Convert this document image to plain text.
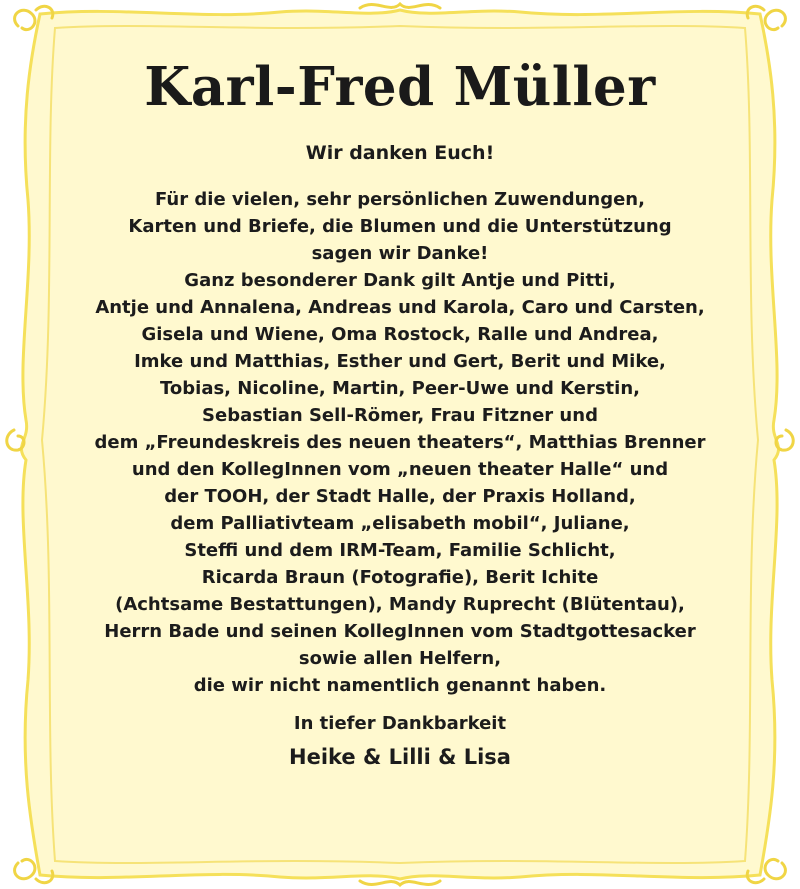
Karl-Fred Müller
Wir danken Euch!
Für die vielen, sehr persönlichen Zuwendungen,
Karten und Briefe, die Blumen und die Unterstützung
sagen wir Danke!
Ganz besonderer Dank gilt Antje und Pitti,
Antje und Annalena, Andreas und Karola, Caro und Carsten,
Gisela und Wiene, Oma Rostock, Ralle und Andrea,
Imke und Matthias, Esther und Gert, Berit und Mike,
Tobias, Nicoline, Martin, Peer-Uwe und Kerstin,
Sebastian Sell-Römer, Frau Fitzner und
dem „Freundeskreis des neuen theaters“, Matthias Brenner
und den KollegInnen vom „neuen theater Halle“ und
der TOOH, der Stadt Halle, der Praxis Holland,
dem Palliativteam „elisabeth mobil“, Juliane,
Steffi und dem IRM-Team, Familie Schlicht,
Ricarda Braun (Fotografie), Berit Ichite
(Achtsame Bestattungen), Mandy Ruprecht (Blütentau),
Herrn Bade und seinen KollegInnen vom Stadtgottesacker
sowie allen Helfern,
die wir nicht namentlich genannt haben.
In tiefer Dankbarkeit
Heike & Lilli & Lisa
